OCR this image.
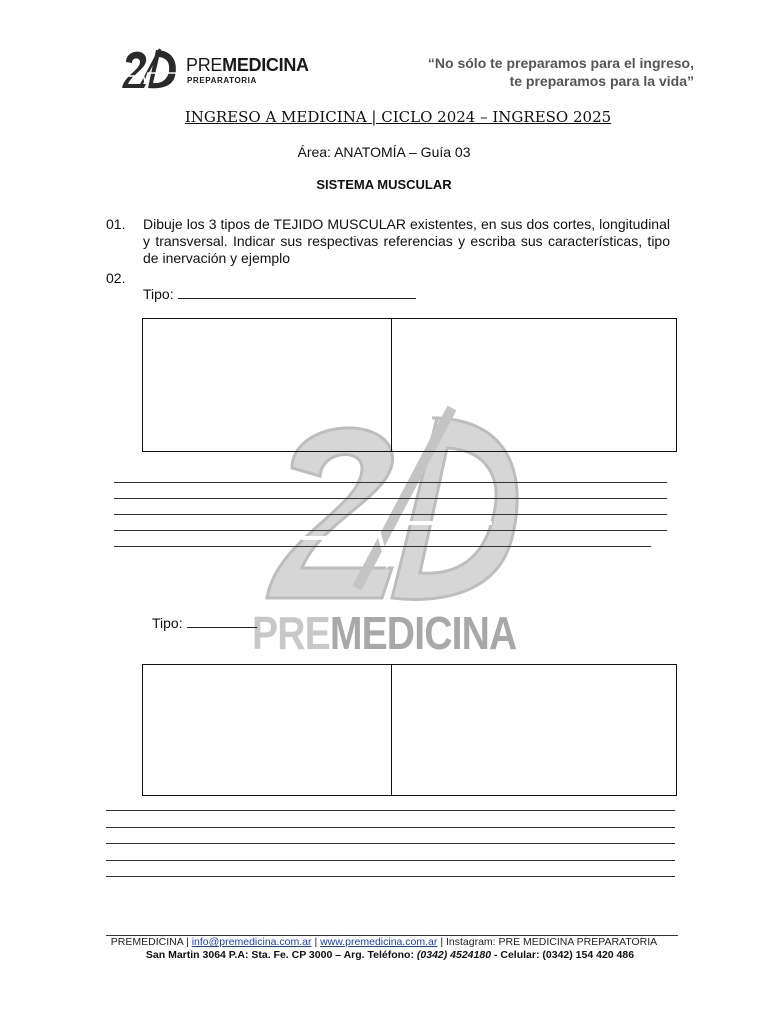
PREMEDICINA
PREMEDICINA
PREPARATORIA
“No sólo te preparamos para el ingreso,
te preparamos para la vida”
INGRESO A MEDICINA | CICLO 2024 – INGRESO 2025
Área: ANATOMÍA – Guía 03
SISTEMA MUSCULAR
01. Dibuje los 3 tipos de TEJIDO MUSCULAR existentes, en sus dos cortes, longitudinal y transversal. Indicar sus respectivas referencias y escriba sus características, tipo de inervación y ejemplo
02.
Tipo:
Tipo:
PREMEDICINA | info@premedicina.com.ar | www.premedicina.com.ar | Instagram: PRE MEDICINA PREPARATORIA
San Martin 3064 P.A: Sta. Fe. CP 3000 – Arg. Teléfono: (0342) 4524180 - Celular: (0342) 154 420 486
